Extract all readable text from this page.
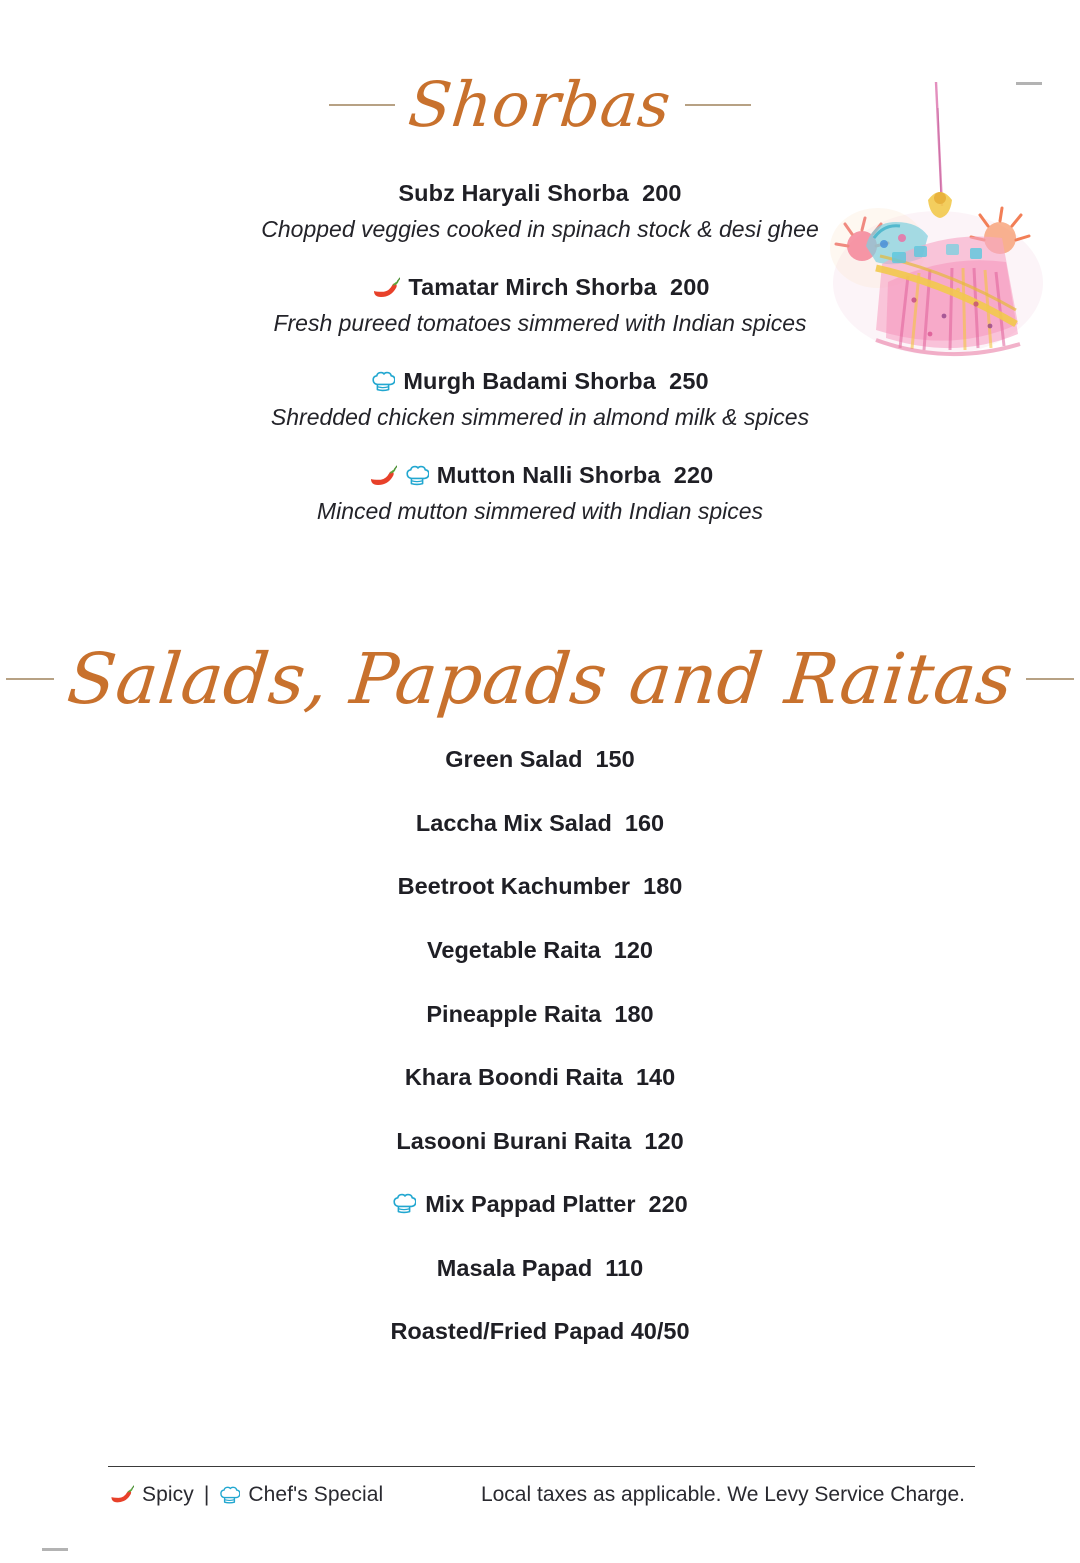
Shorbas
Subz Haryali Shorba  200
Chopped veggies cooked in spinach stock & desi ghee
Tamatar Mirch Shorba  200
Fresh pureed tomatoes simmered with Indian spices
Murgh Badami Shorba  250
Shredded chicken simmered in almond milk & spices
Mutton Nalli Shorba  220
Minced mutton simmered with Indian spices
Salads, Papads and Raitas
Green Salad  150
Laccha Mix Salad  160
Beetroot Kachumber  180
Vegetable Raita  120
Pineapple Raita  180
Khara Boondi Raita  140
Lasooni Burani Raita  120
Mix Pappad Platter  220
Masala Papad  110
Roasted/Fried Papad 40/50
Spicy | Chef's Special	Local taxes as applicable. We Levy Service Charge.
